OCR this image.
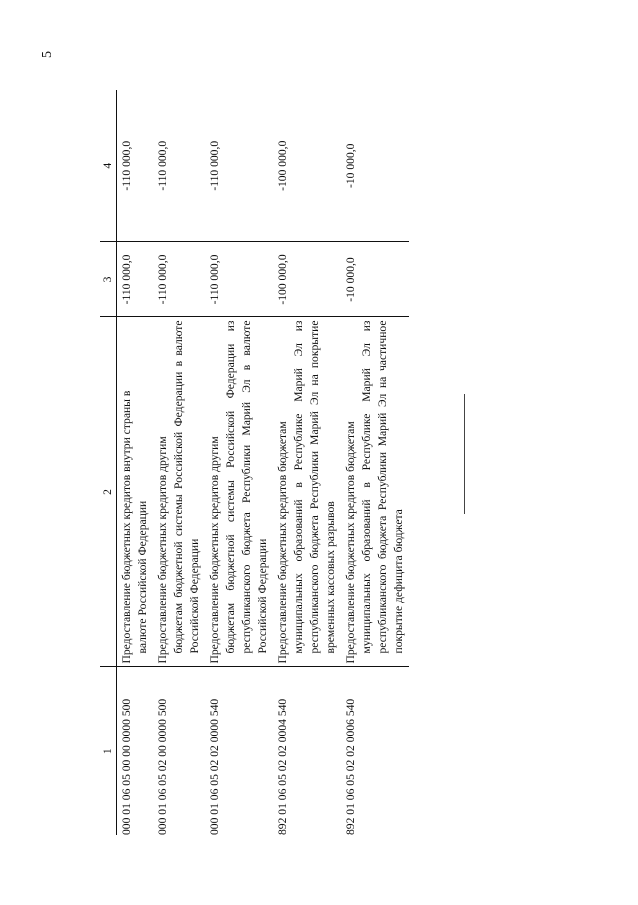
5
1	2	3	4
000 01 06 05 00 00 0000 500	Предоставление бюджетных кредитов внутри страны в валюте Российской Федерации	-110 000,0	-110 000,0
000 01 06 05 02 00 0000 500	Предоставление бюджетных кредитов другим бюджетам бюджетной системы Российской Федерации в валюте Российской Федерации	-110 000,0	-110 000,0
000 01 06 05 02 02 0000 540	Предоставление бюджетных кредитов другим бюджетам бюджетной системы Российской Федерации из республиканского бюджета Республики Марий Эл в валюте Российской Федерации	-110 000,0	-110 000,0
892 01 06 05 02 02 0004 540	Предоставление бюджетных кредитов бюджетам муниципальных образований в Республике Марий Эл из республиканского бюджета Республики Марий Эл на покрытие временных кассовых разрывов	-100 000,0	-100 000,0
892 01 06 05 02 02 0006 540	Предоставление бюджетных кредитов бюджетам муниципальных образований в Республике Марий Эл из республиканского бюджета Республики Марий Эл на частичное покрытие дефицита бюджета	-10 000,0	-10 000,0
